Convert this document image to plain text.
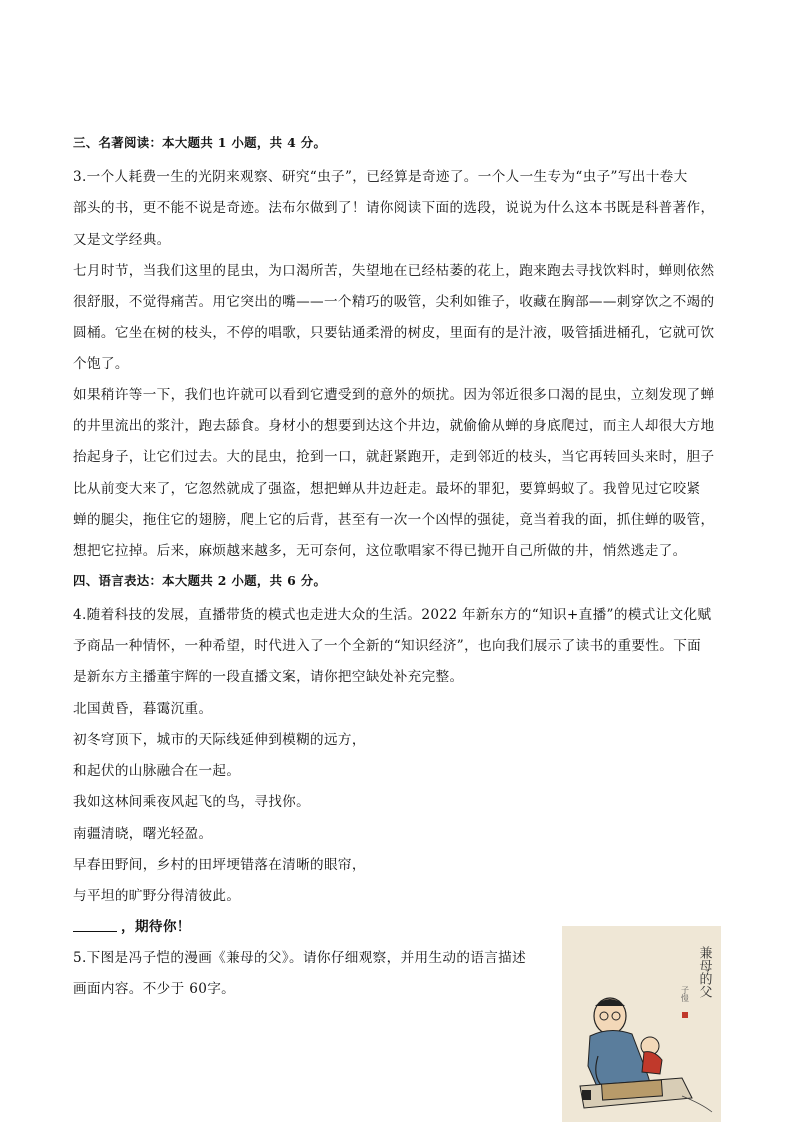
三、名著阅读：本大题共 1 小题，共 4 分。
3.一个人耗费一生的光阴来观察、研究“虫子”，已经算是奇迹了。一个人一生专为“虫子”写出十卷大
部头的书，更不能不说是奇迹。法布尔做到了！请你阅读下面的选段，说说为什么这本书既是科普著作，
又是文学经典。
七月时节，当我们这里的昆虫，为口渴所苦，失望地在已经枯萎的花上，跑来跑去寻找饮料时，蝉则依然
很舒服，不觉得痛苦。用它突出的嘴——一个精巧的吸管，尖利如锥子，收藏在胸部——刺穿饮之不竭的
圆桶。它坐在树的枝头，不停的唱歌，只要钻通柔滑的树皮，里面有的是汁液，吸管插进桶孔，它就可饮
个饱了。
如果稍许等一下，我们也许就可以看到它遭受到的意外的烦扰。因为邻近很多口渴的昆虫，立刻发现了蝉
的井里流出的浆汁，跑去舔食。身材小的想要到达这个井边，就偷偷从蝉的身底爬过，而主人却很大方地
抬起身子，让它们过去。大的昆虫，抢到一口，就赶紧跑开，走到邻近的枝头，当它再转回头来时，胆子
比从前变大来了，它忽然就成了强盗，想把蝉从井边赶走。最坏的罪犯，要算蚂蚁了。我曾见过它咬紧
蝉的腿尖，拖住它的翅膀，爬上它的后背，甚至有一次一个凶悍的强徒，竟当着我的面，抓住蝉的吸管，
想把它拉掉。后来，麻烦越来越多，无可奈何，这位歌唱家不得已抛开自己所做的井，悄然逃走了。
四、语言表达：本大题共 2 小题，共 6 分。
4.随着科技的发展，直播带货的模式也走进大众的生活。2022 年新东方的“知识+直播”的模式让文化赋
予商品一种情怀，一种希望，时代进入了一个全新的“知识经济”，也向我们展示了读书的重要性。下面
是新东方主播董宇辉的一段直播文案，请你把空缺处补充完整。
北国黄昏，暮霭沉重。
初冬穹顶下，城市的天际线延伸到模糊的远方，
和起伏的山脉融合在一起。
我如这林间乘夜风起飞的鸟，寻找你。
南疆清晓，曙光轻盈。
早春田野间，乡村的田坪埂错落在清晰的眼帘，
与平坦的旷野分得清彼此。
，期待你！
5.下图是冯子恺的漫画《兼母的父》。请你仔细观察，并用生动的语言描述
画面内容。不少于 60字。	兼母的父
子愷
